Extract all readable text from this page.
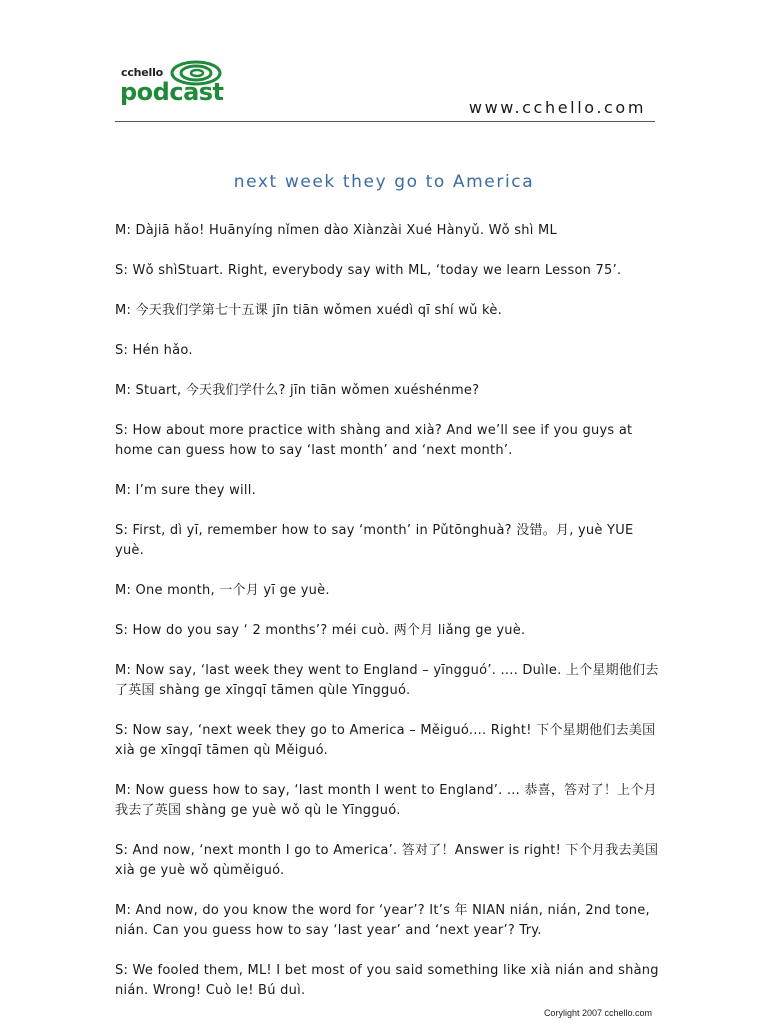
cchello
podcast
www.cchello.com
next week they go to America

M: Dàjiā hǎo! Huānyíng nǐmen dào Xiànzài Xué Hànyǔ. Wǒ shì ML

S: Wǒ shìStuart. Right, everybody say with ML, ‘today we learn Lesson 75’.

M: 今天我们学第七十五课 jīn tiān wǒmen xuédì qī shí wǔ kè.

S: Hén hǎo.

M: Stuart, 今天我们学什么? jīn tiān wǒmen xuéshénme?

S: How about more practice with shàng and xià? And we’ll see if you guys at home can guess how to say ‘last month’ and ‘next month’.

M: I’m sure they will.

S: First, dì yī, remember how to say ‘month’ in Pǔtōnghuà? 没错。月, yuè YUE yuè.

M: One month, 一个月 yī ge yuè.

S: How do you say ‘ 2 months’? méi cuò. 两个月 liǎng ge yuè.

M: Now say, ‘last week they went to England – yīngguó’. .... Duìle. 上个星期他们去了英国 shàng ge xīngqī tāmen qùle Yīngguó.

S: Now say, ‘next week they go to America – Měiguó.... Right! 下个星期他们去美国 xià ge xīngqī tāmen qù Měiguó.

M: Now guess how to say, ‘last month I went to England’. ... 恭喜，答对了！上个月我去了英国 shàng ge yuè wǒ qù le Yīngguó.

S: And now, ‘next month I go to America’. 答对了！Answer is right! 下个月我去美国 xià ge yuè wǒ qùměiguó.

M: And now, do you know the word for ‘year’? It’s 年 NIAN nián, nián, 2nd tone, nián. Can you guess how to say ‘last year’ and ‘next year’? Try.

S: We fooled them, ML! I bet most of you said something like xià nián and shàng nián. Wrong! Cuò le! Bú duì.

Corylight 2007 cchello.com
